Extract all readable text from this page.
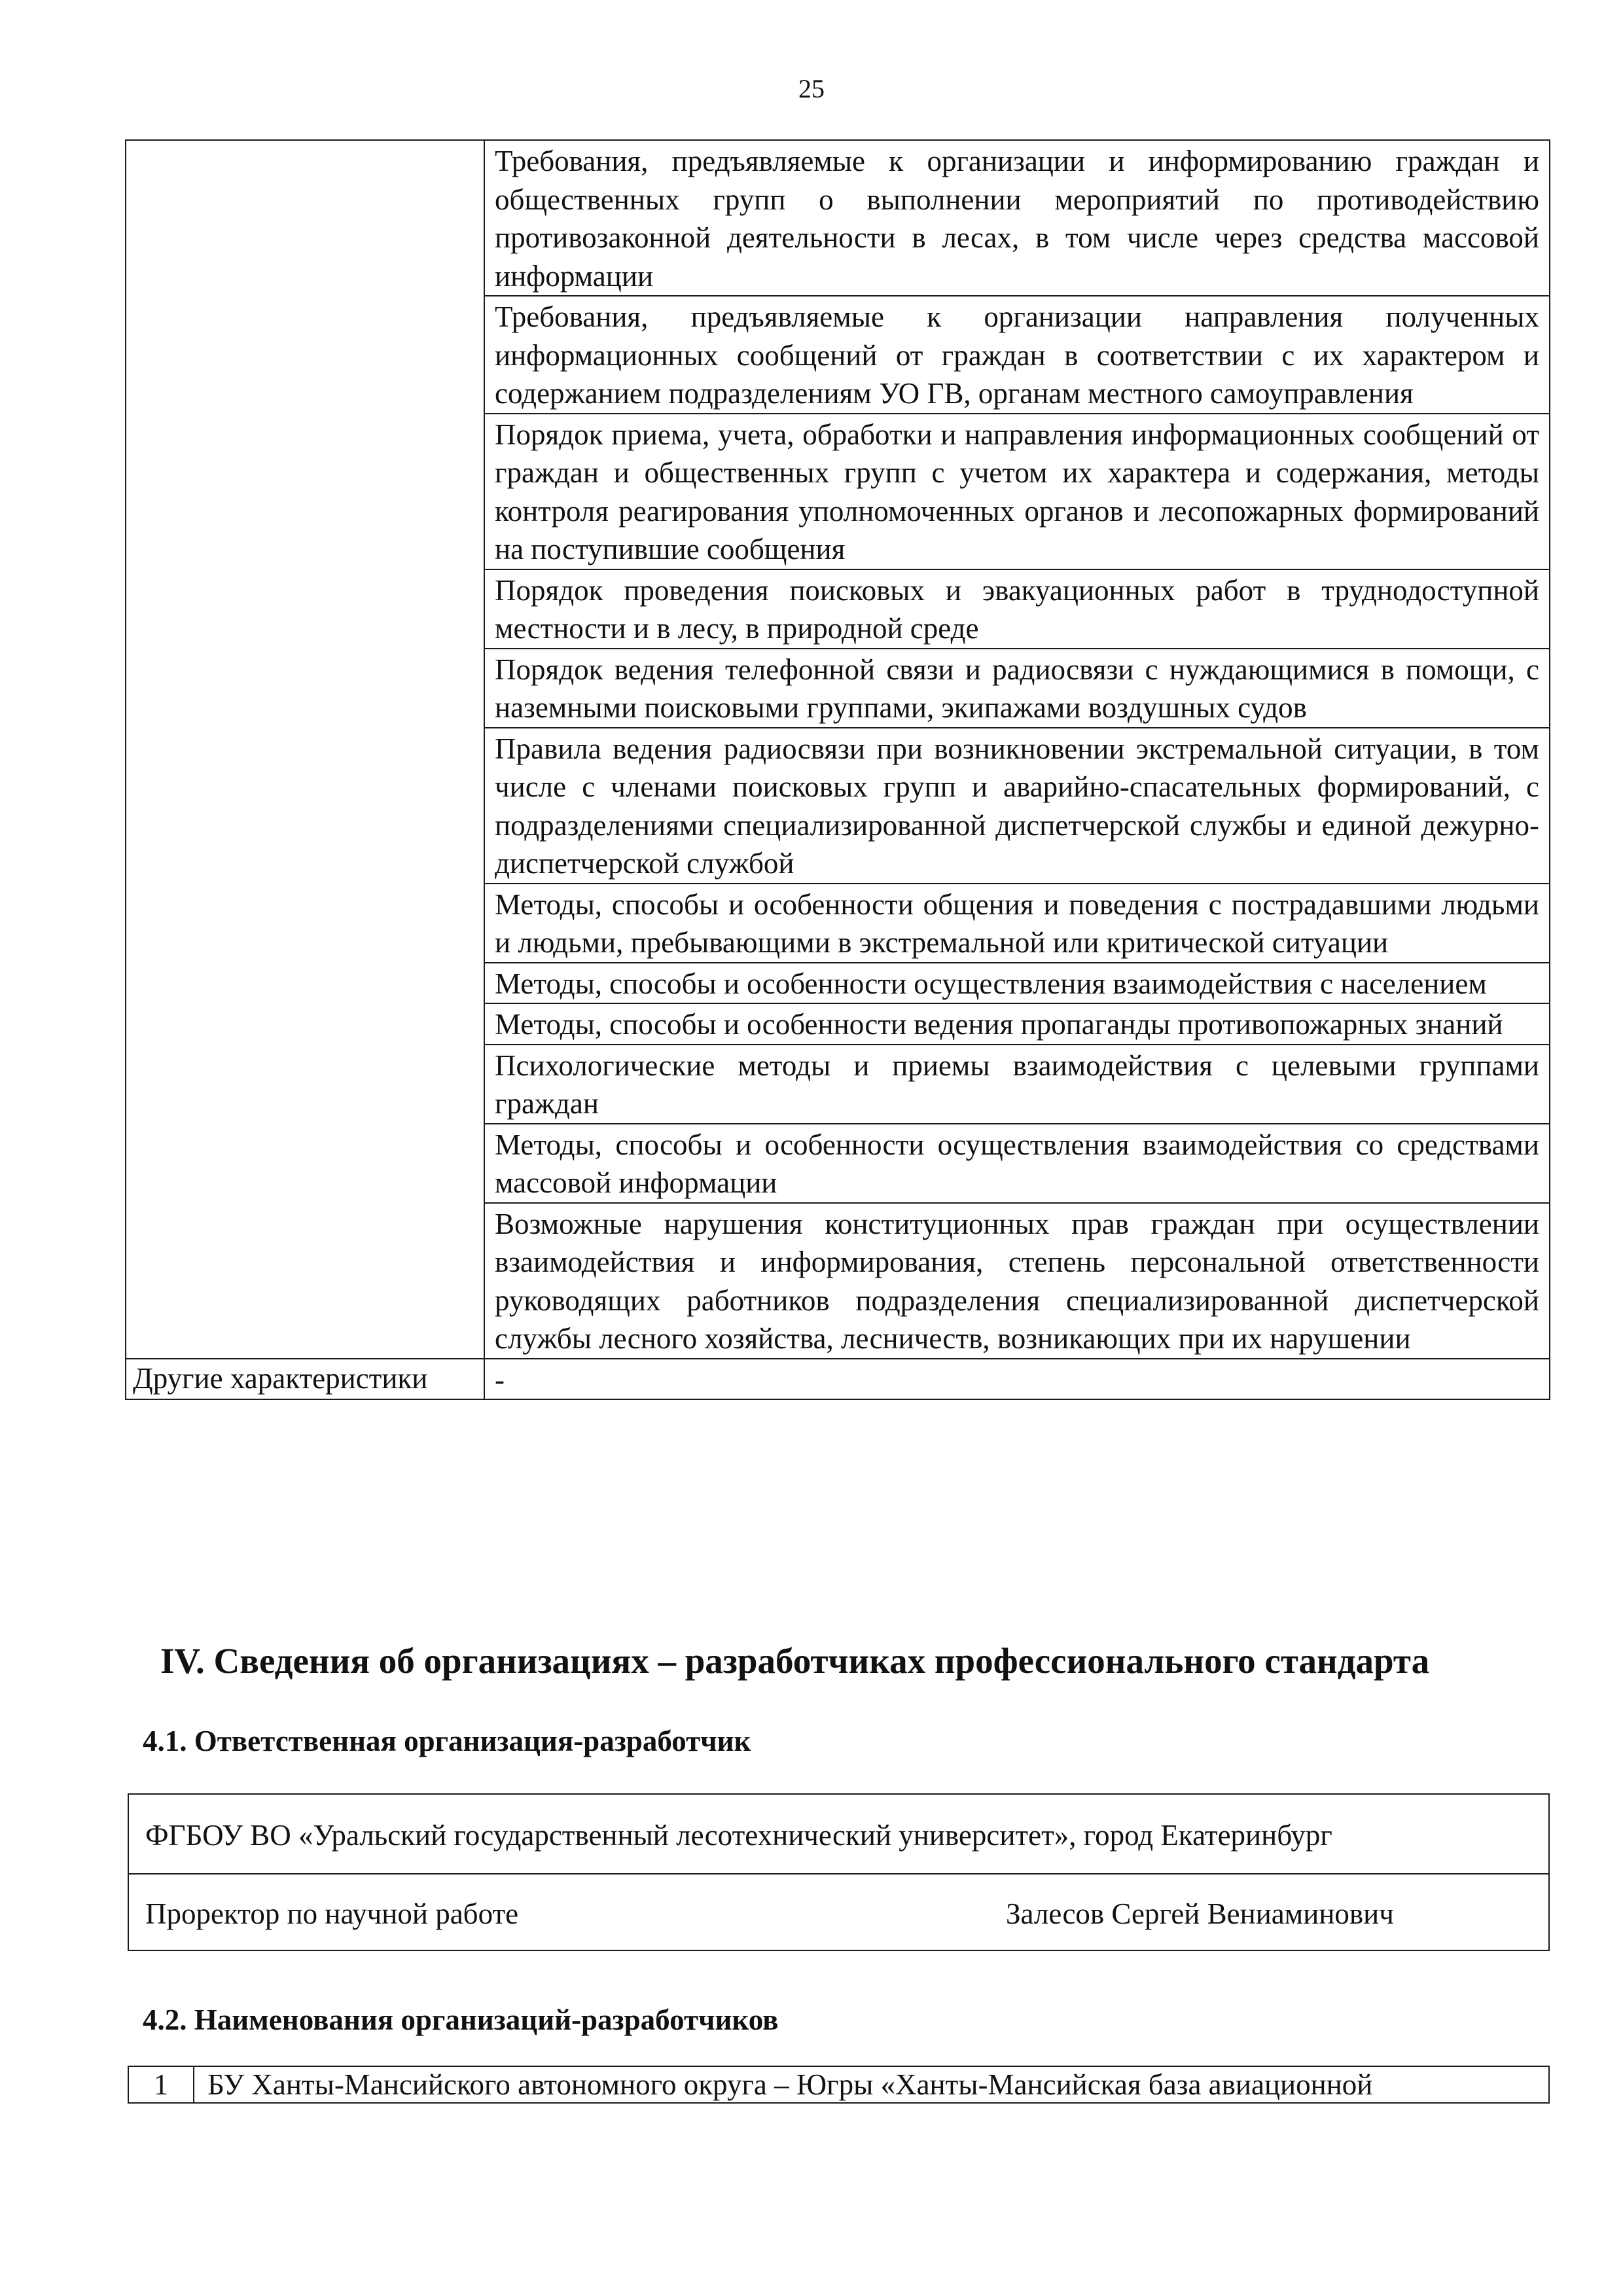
25
	Требования, предъявляемые к организации и информированию граждан и общественных групп о выполнении мероприятий по противодействию противозаконной деятельности в лесах, в том числе через средства массовой информации
	Требования, предъявляемые к организации направления полученных информационных сообщений от граждан в соответствии с их характером и содержанием подразделениям УО ГВ, органам местного самоуправления
	Порядок приема, учета, обработки и направления информационных сообщений от граждан и общественных групп с учетом их характера и содержания, методы контроля реагирования уполномоченных органов и лесопожарных формирований на поступившие сообщения
	Порядок проведения поисковых и эвакуационных работ в труднодоступной местности и в лесу, в природной среде
	Порядок ведения телефонной связи и радиосвязи с нуждающимися в помощи, с наземными поисковыми группами, экипажами воздушных судов
	Правила ведения радиосвязи при возникновении экстремальной ситуации, в том числе с членами поисковых групп и аварийно-спасательных формирований, с подразделениями специализированной диспетчерской службы и единой дежурно-диспетчерской службой
	Методы, способы и особенности общения и поведения с пострадавшими людьми и людьми, пребывающими в экстремальной или критической ситуации
	Методы, способы и особенности осуществления взаимодействия с населением
	Методы, способы и особенности ведения пропаганды противопожарных знаний
	Психологические методы и приемы взаимодействия с целевыми группами граждан
	Методы, способы и особенности осуществления взаимодействия со средствами массовой информации
	Возможные нарушения конституционных прав граждан при осуществлении взаимодействия и информирования, степень персональной ответственности руководящих работников подразделения специализированной диспетчерской службы лесного хозяйства, лесничеств, возникающих при их нарушении
Другие характеристики	-
IV. Сведения об организациях – разработчиках профессионального стандарта
4.1. Ответственная организация-разработчик
ФГБОУ ВО «Уральский государственный лесотехнический университет», город Екатеринбург
Проректор по научной работе	Залесов Сергей Вениаминович
4.2. Наименования организаций-разработчиков
1	БУ Ханты-Мансийского автономного округа – Югры «Ханты-Мансийская база авиационной
